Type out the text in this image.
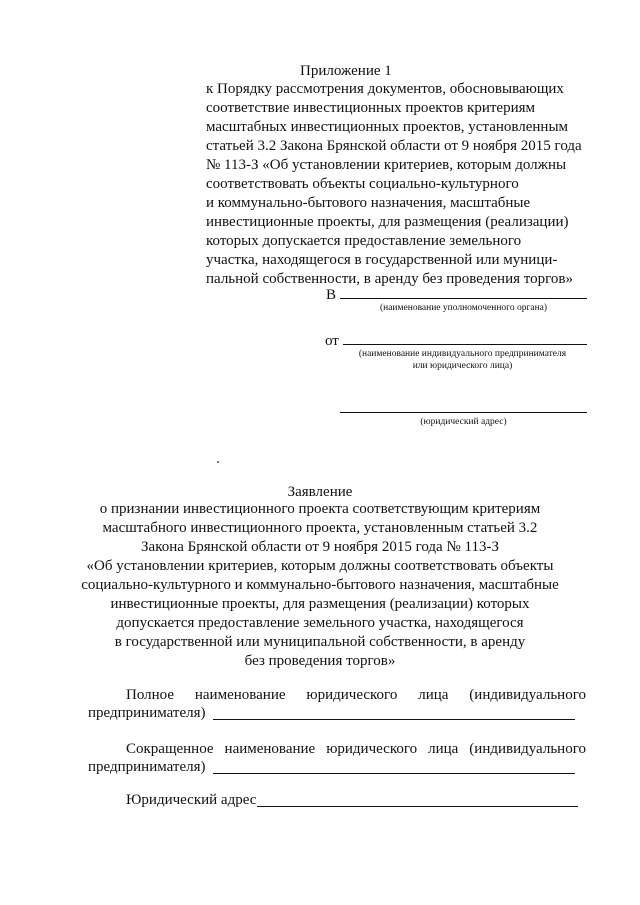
Приложение 1
к Порядку рассмотрения документов, обосновывающих
соответствие инвестиционных проектов критериям
масштабных инвестиционных проектов, установленным
статьей 3.2 Закона Брянской области от 9 ноября 2015 года
№ 113-З «Об установлении критериев, которым должны
соответствовать объекты социально-культурного
и коммунально-бытового назначения, масштабные
инвестиционные проекты, для размещения (реализации)
которых допускается предоставление земельного
участка, находящегося в государственной или муници-
пальной собственности, в аренду без проведения торгов»
В
(наименование уполномоченного органа)
от
(наименование индивидуального предпринимателя
или юридического лица)
(юридический адрес)
Заявление
о признании инвестиционного проекта соответствующим критериям
масштабного инвестиционного проекта, установленным статьей 3.2
Закона Брянской области от 9 ноября 2015 года № 113-З
«Об установлении критериев, которым должны соответствовать объекты
социально-культурного и коммунально-бытового назначения, масштабные
инвестиционные проекты, для размещения (реализации) которых
допускается предоставление земельного участка, находящегося
в государственной или муниципальной собственности, в аренду
без проведения торгов»
Полное наименование юридического лица (индивидуального
предпринимателя)
Сокращенное наименование юридического лица (индивидуального
предпринимателя)
Юридический адрес
